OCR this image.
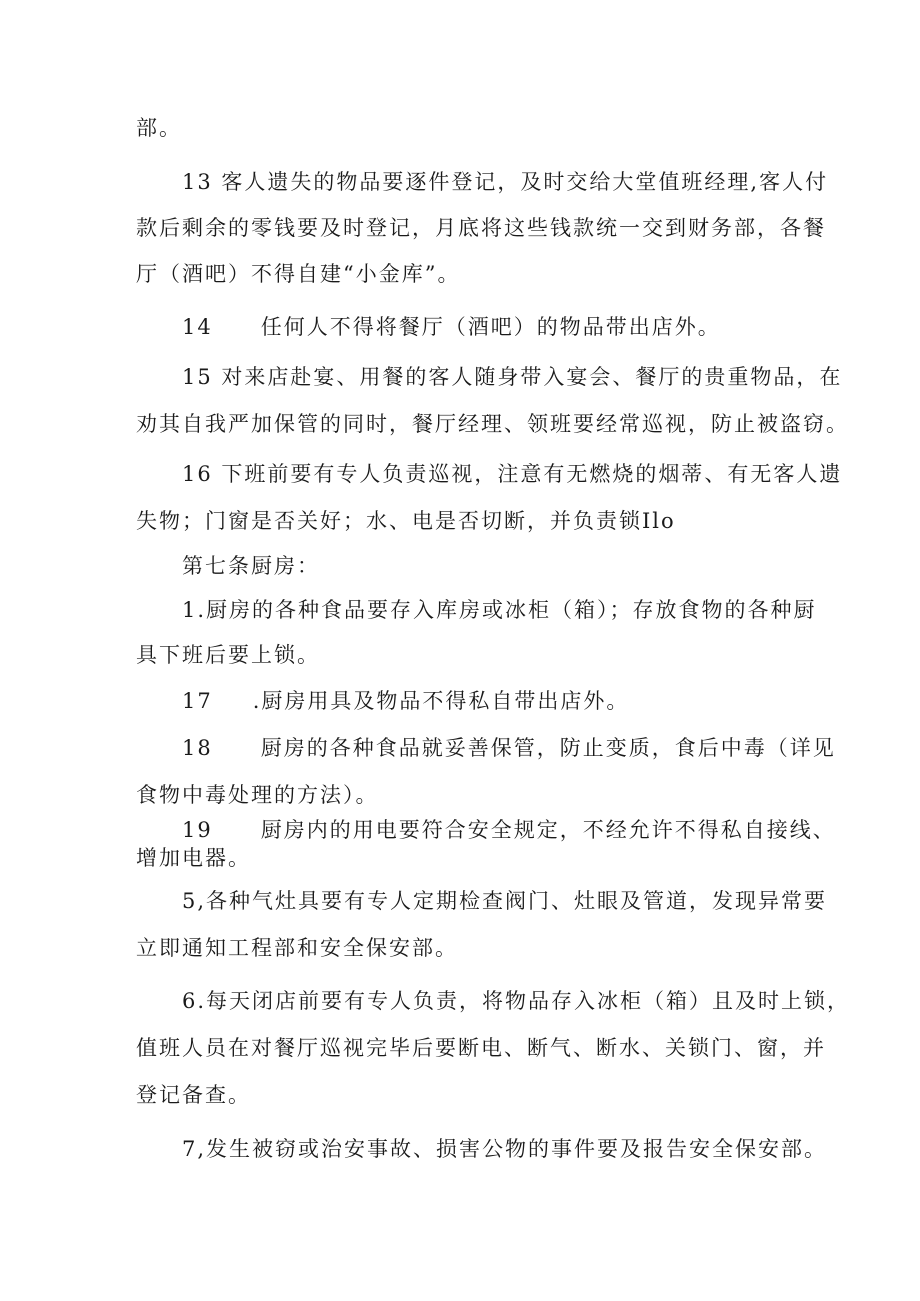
部。
13 客人遗失的物品要逐件登记，及时交给大堂值班经理,客人付
款后剩余的零钱要及时登记，月底将这些钱款统一交到财务部，各餐
厅（酒吧）不得自建“小金库”。
14 任何人不得将餐厅（酒吧）的物品带出店外。
15 对来店赴宴、用餐的客人随身带入宴会、餐厅的贵重物品，在
劝其自我严加保管的同时，餐厅经理、领班要经常巡视，防止被盗窃。
16 下班前要有专人负责巡视，注意有无燃烧的烟蒂、有无客人遗
失物；门窗是否关好；水、电是否切断，并负责锁Ilo
第七条厨房：
1.厨房的各种食品要存入库房或冰柜（箱）；存放食物的各种厨
具下班后要上锁。
17 .厨房用具及物品不得私自带出店外。
18 厨房的各种食品就妥善保管，防止变质，食后中毒（详见
食物中毒处理的方法）。
19 厨房内的用电要符合安全规定，不经允许不得私自接线、
增加电器。
5,各种气灶具要有专人定期检查阀门、灶眼及管道，发现异常要
立即通知工程部和安全保安部。
6.每天闭店前要有专人负责，将物品存入冰柜（箱）且及时上锁，
值班人员在对餐厅巡视完毕后要断电、断气、断水、关锁门、窗，并
登记备查。
7,发生被窃或治安事故、损害公物的事件要及报告安全保安部。
